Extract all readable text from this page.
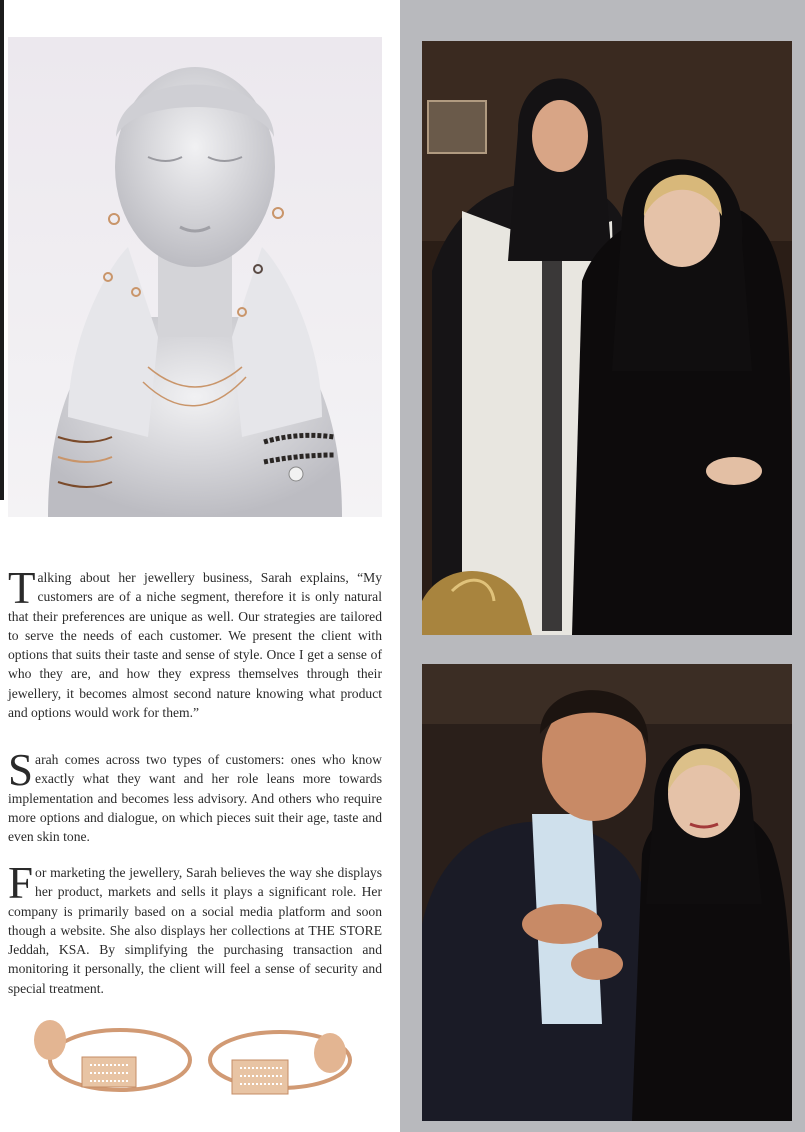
Talking about her jewellery business, Sarah explains, “My customers are of a niche segment, therefore it is only natural that their preferences are unique as well. Our strategies are tailored to serve the needs of each customer. We present the client with options that suits their taste and sense of style. Once I get a sense of who they are, and how they express themselves through their jewellery, it becomes almost second nature knowing what product and options would work for them.”

Sarah comes across two types of customers: ones who know exactly what they want and her role leans more towards implementation and becomes less advisory. And others who require more options and dialogue, on which pieces suit their age, taste and even skin tone.

For marketing the jewellery, Sarah believes the way she displays her product, markets and sells it plays a significant role. Her company is primarily based on a social media platform and soon though a website. She also displays her collections at THE STORE Jeddah, KSA. By simplifying the purchasing transaction and monitoring it personally, the client will feel a sense of security and special treatment.
